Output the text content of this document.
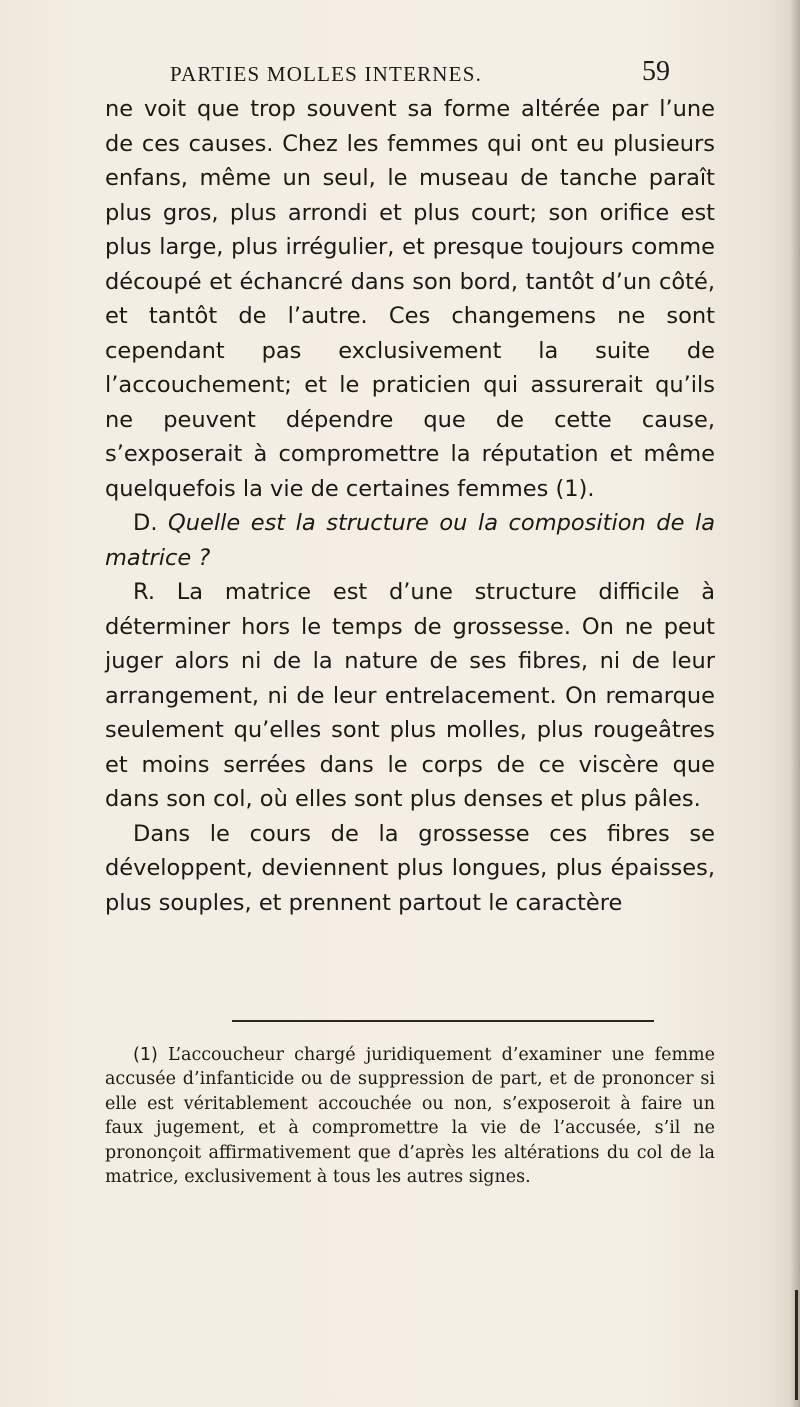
PARTIES MOLLES INTERNES.	59

ne voit que trop souvent sa forme altérée par l’une de ces causes. Chez les femmes qui ont eu plusieurs enfans, même un seul, le museau de tanche paraît plus gros, plus arrondi et plus court; son orifice est plus large, plus irrégulier, et presque toujours comme découpé et échancré dans son bord, tantôt d’un côté, et tantôt de l’autre. Ces changemens ne sont cependant pas exclusivement la suite de l’accouchement; et le praticien qui assurerait qu’ils ne peuvent dépendre que de cette cause, s’exposerait à compromettre la réputation et même quelquefois la vie de certaines femmes (1).

D. Quelle est la structure ou la composition de la matrice ?

R. La matrice est d’une structure difficile à déterminer hors le temps de grossesse. On ne peut juger alors ni de la nature de ses fibres, ni de leur arrangement, ni de leur entrelacement. On remarque seulement qu’elles sont plus molles, plus rougeâtres et moins serrées dans le corps de ce viscère que dans son col, où elles sont plus denses et plus pâles.

Dans le cours de la grossesse ces fibres se développent, deviennent plus longues, plus épaisses, plus souples, et prennent partout le caractère

(1) L’accoucheur chargé juridiquement d’examiner une femme accusée d’infanticide ou de suppression de part, et de prononcer si elle est véritablement accouchée ou non, s’exposeroit à faire un faux jugement, et à compromettre la vie de l’accusée, s’il ne prononçoit affirmativement que d’après les altérations du col de la matrice, exclusivement à tous les autres signes.
